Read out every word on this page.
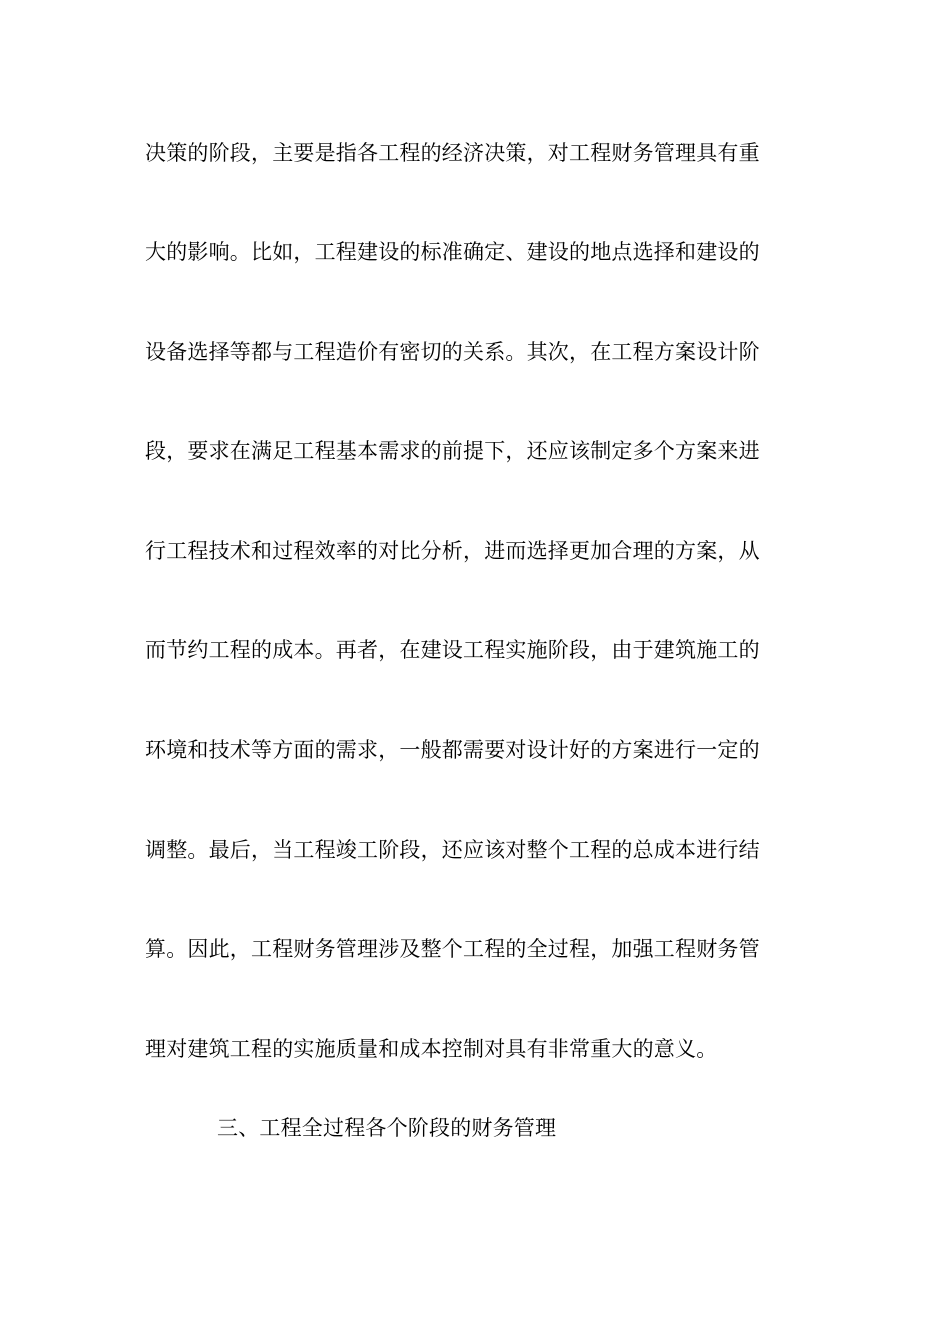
决策的阶段，主要是指各工程的经济决策，对工程财务管理具有重
大的影响。比如，工程建设的标准确定、建设的地点选择和建设的
设备选择等都与工程造价有密切的关系。其次，在工程方案设计阶
段，要求在满足工程基本需求的前提下，还应该制定多个方案来进
行工程技术和过程效率的对比分析，进而选择更加合理的方案，从
而节约工程的成本。再者，在建设工程实施阶段，由于建筑施工的
环境和技术等方面的需求，一般都需要对设计好的方案进行一定的
调整。最后，当工程竣工阶段，还应该对整个工程的总成本进行结
算。因此，工程财务管理涉及整个工程的全过程，加强工程财务管
理对建筑工程的实施质量和成本控制对具有非常重大的意义。
三、工程全过程各个阶段的财务管理
